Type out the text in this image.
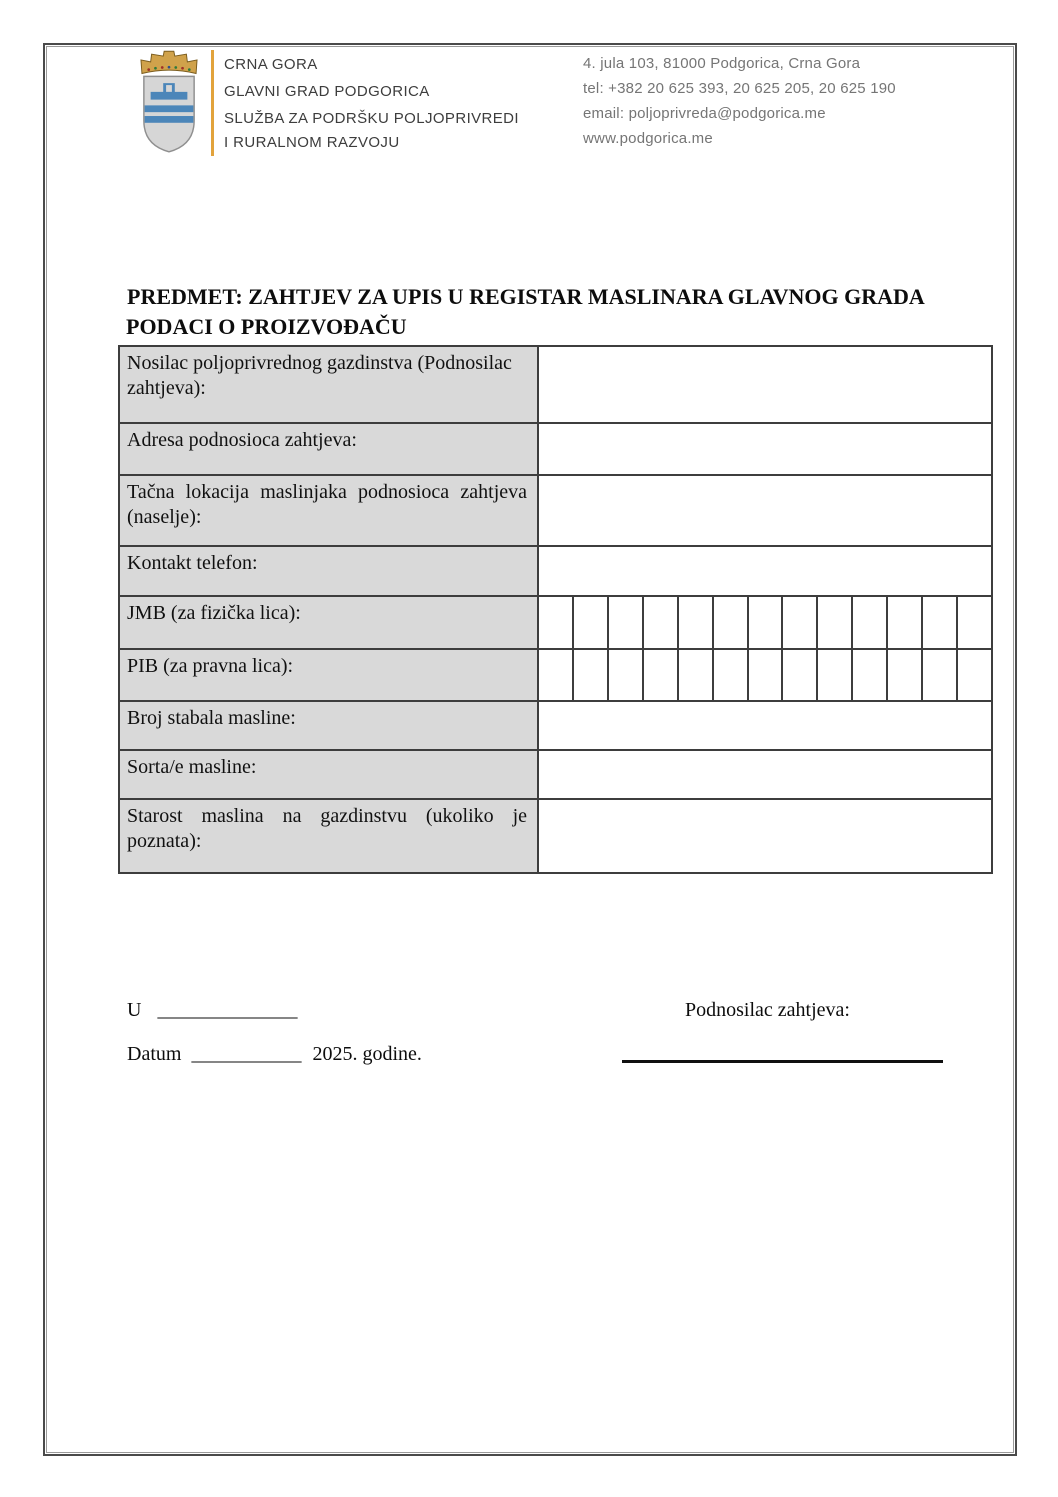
CRNA GORA
GLAVNI GRAD PODGORICA
SLUŽBA ZA PODRŠKU POLJOPRIVREDI
I RURALNOM RAZVOJU
4. jula 103, 81000 Podgorica, Crna Gora
tel: +382 20 625 393, 20 625 205, 20 625 190
email: poljoprivreda@podgorica.me
www.podgorica.me

PREDMET: ZAHTJEV ZA UPIS U REGISTAR MASLINARA GLAVNOG GRADA

PODACI O PROIZVOĐAČU
Nosilac poljoprivrednog gazdinstva (Podnosilac zahtjeva):	
Adresa podnosioca zahtjeva:	
Tačna lokacija maslinjaka podnosioca zahtjeva (naselje):	
Kontakt telefon:	
JMB (za fizička lica):	

PIB (za pravna lica):	

Broj stabala masline:	
Sorta/e masline:	
Starost maslina na gazdinstvu (ukoliko je poznata):	
U ______________	Podnosilac zahtjeva:
Datum ___________ 2025. godine.
